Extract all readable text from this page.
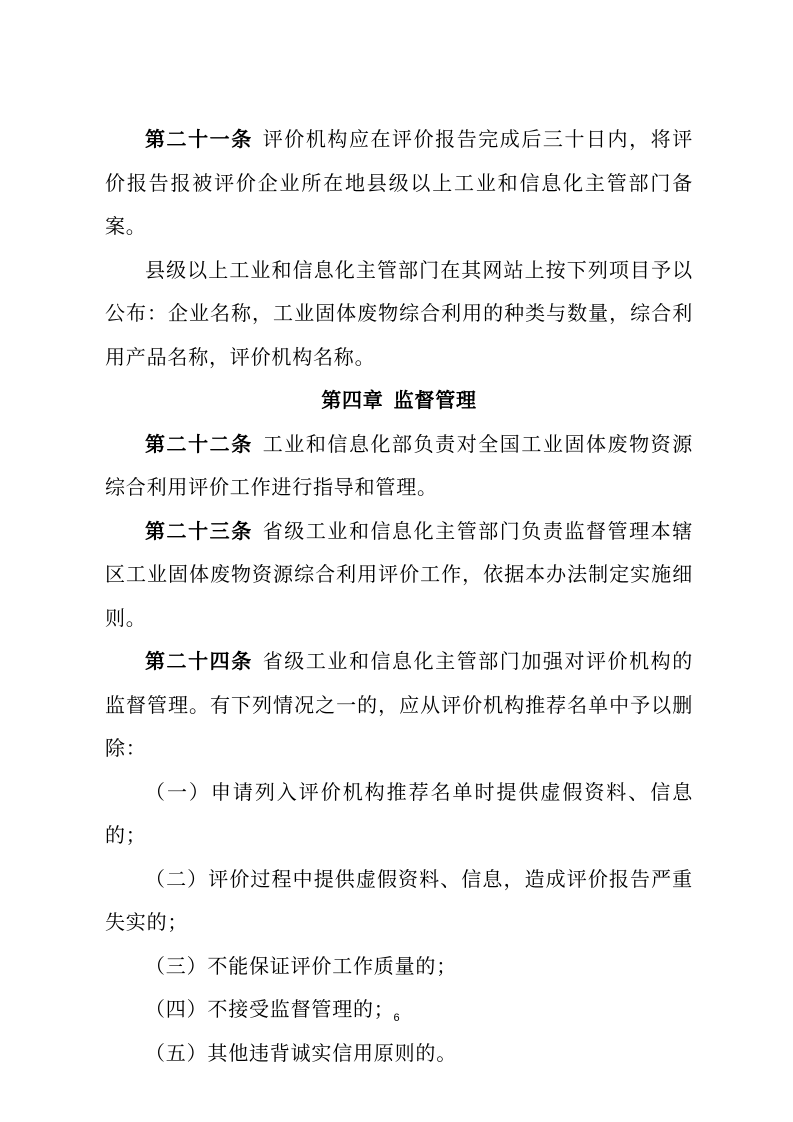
第二十一条 评价机构应在评价报告完成后三十日内，将评价报告报被评价企业所在地县级以上工业和信息化主管部门备案。

县级以上工业和信息化主管部门在其网站上按下列项目予以公布：企业名称，工业固体废物综合利用的种类与数量，综合利用产品名称，评价机构名称。

第四章 监督管理

第二十二条 工业和信息化部负责对全国工业固体废物资源综合利用评价工作进行指导和管理。

第二十三条 省级工业和信息化主管部门负责监督管理本辖区工业固体废物资源综合利用评价工作，依据本办法制定实施细则。

第二十四条 省级工业和信息化主管部门加强对评价机构的监督管理。有下列情况之一的，应从评价机构推荐名单中予以删除：

（一）申请列入评价机构推荐名单时提供虚假资料、信息的；

（二）评价过程中提供虚假资料、信息，造成评价报告严重失实的；

（三）不能保证评价工作质量的；

（四）不接受监督管理的；

（五）其他违背诚实信用原则的。

6
